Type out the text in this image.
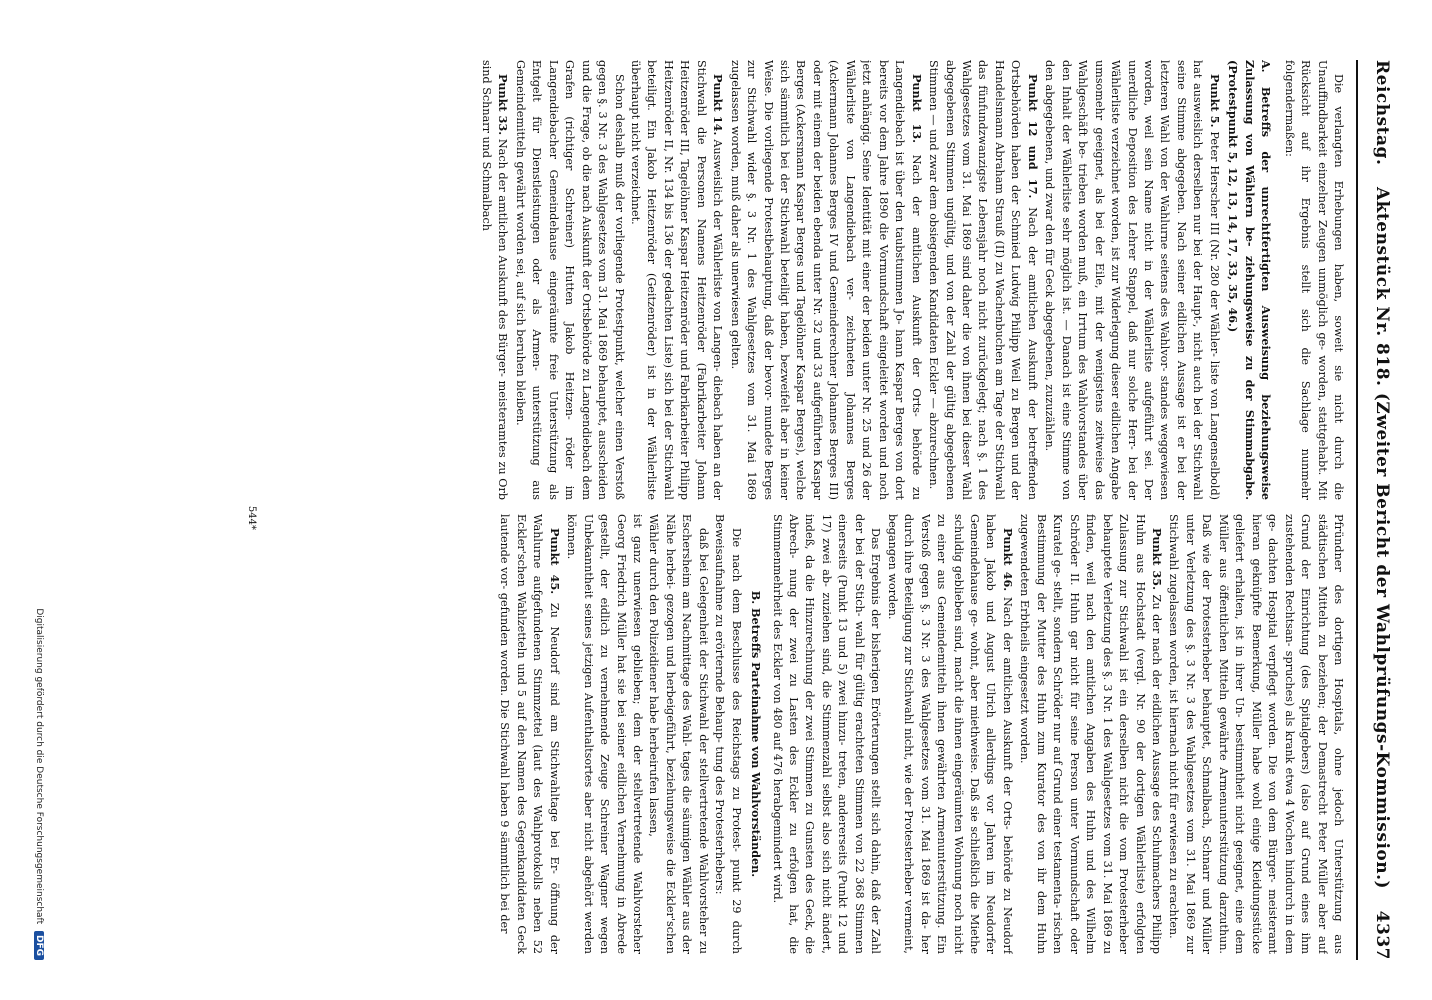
Reichstag.
Aktenstück Nr. 818. (Zweiter Bericht der Wahlprüfungs-Kommission.)
4337

Die verlangten Erhebungen haben, soweit sie nicht durch die Unauffindbarkeit einzelner Zeugen unmöglich ge- worden, stattgehabt. Mit Rücksicht auf ihr Ergebnis stellt sich die Sachlage nunmehr folgendermaßen:

A. Betreffs der unrechtfertigten Ausweisung beziehungsweise Zulassung von Wählern be- ziehungsweise zu der Stimmabgabe. (Protestpunkt 5, 12, 13, 14, 17, 33, 35, 46.)

Punkt 5. Peter Herscher III (Nr. 280 der Wähler- liste von Langenselbold) hat ausweislich derselben nur bei der Haupt-, nicht auch bei der Stichwahl seine Stimme abgegeben. Nach seiner eidlichen Aussage ist er bei der letzteren Wahl von der Wahlurne seitens des Wahlvor- standes weggewiesen worden, weil sein Name nicht in der Wählerliste aufgeführt sei. Der unerdliche Deposition des Lehrer Stappel, daß nur solche Herr- bei der Wählerliste verzeichnet worden, ist zur Widerlegung dieser eidlichen Angabe umsomehr geeignet, als bei der Eile, mit der wenigstens zeitweise das Wahlgeschäft be- trieben worden muß, ein Irrtum des Wahlvorstandes über den Inhalt der Wählerliste sehr möglich ist. — Danach ist eine Stimme von den abgegebenen, und zwar den für Geck abgegebenen, zuzuzählen.

Punkt 12 und 17. Nach der amtlichen Auskunft der betreffenden Ortsbehörden haben der Schmied Ludwig Philipp Weil zu Bergen und der Handelsmann Abraham Strauß (II) zu Wachenbuchen am Tage der Stichwahl das fünfundzwanzigste Lebensjahr noch nicht zurückgelegt; nach §. 1 des Wahlgesetzes vom 31. Mai 1869 sind daher die von ihnen bei dieser Wahl abgegebenen Stimmen ungültig, und von der Zahl der gültig abgegebenen Stimmen — und zwar dem obsiegenden Kandidaten Eckler — abzurechnen.

Punkt 13. Nach der amtlichen Auskunft der Orts- behörde zu Langendiebach ist über den taubstummen Jo- hann Kaspar Berges von dort bereits vor dem Jahre 1890 die Vormundschaft eingeleitet worden und noch jetzt anhängig. Seine Identität mit einer der beiden unter Nr. 25 und 26 der Wählerliste von Langendiebach ver- zeichneten Johannes Berges (Ackermann Johannes Berges IV und Gemeinderechner Johannes Berges III) oder mit einem der beiden ebenda unter Nr. 32 und 33 aufgeführten Kaspar Berges (Ackersmann Kaspar Berges und Tagelöhner Kaspar Berges), welche sich sämmtlich bei der Stichwahl beteiligt haben, bezweifelt aber in keiner Weise. Die vorliegende Protestbehauptung, daß der bevor- mundete Berges zur Stichwahl wider §. 3 Nr. 1 des Wahlgesetzes vom 31. Mai 1869 zugelassen worden, muß daher als unerwiesen gelten.

Punkt 14. Ausweislich der Wählerliste von Langen- diebach haben an der Stichwahl die Personen Namens Heitzenröder (Fabrikarbeiter Johann Heitzenröder III, Tagelöhner Kaspar Heitzenröder und Fabrikarbeiter Philipp Heitzenröder II, Nr. 134 bis 136 der gedachten Liste) sich bei der Stichwahl beteiligt. Ein Jakob Heitzenröder (Geitzenröder) ist in der Wählerliste überhaupt nicht verzeichnet.

Schon deshalb muß der vorliegende Protestpunkt, welcher einen Verstoß gegen §. 3 Nr. 3 des Wahlgesetzes vom 31. Mai 1869 behauptet, ausscheiden und die Frage, ob die nach Auskunft der Ortsbehörde zu Langendiebach dem Grafen (richtiger Schreiner) Hutten Jakob Heitzen- röder im Langendiebacher Gemeindehause eingeräumte freie Unterstützung als Entgelt für Dienstleistungen oder als Armen- unterstützung aus Gemeindemitteln gewährt worden sei, auf sich beruhen bleiben.

Punkt 33. Nach der amtlichen Auskunft des Bürger- meisteramtes zu Orb sind Schnarr und Schmalbach

Pfründner des dortigen Hospitals, ohne jedoch Unterstützung aus städtischen Mitteln zu beziehen; der Demastrecht Peter Müller aber auf Grund der Einrichtung (des Spitalgebers) (also auf Grund eines ihm zustehenden Rechtsan- spruches) als krank etwa 4 Wochen hindurch in dem ge- dachten Hospital verpflegt worden. Die von dem Bürger- meisteramt hieran geknüpfte Bemerkung, Müller habe wohl einige Kleidungsstücke geliefert erhalten, ist in ihrer Un- bestimmtheit nicht geeignet, eine dem Müller aus öffentlichen Mitteln gewährte Armenunterstützung darzuthun. Daß wie der Protesterheber behauptet, Schmalbach, Schnarr und Müller unter Verletzung des §. 3 Nr. 3 des Wahlgesetzes vom 31. Mai 1869 zur Stichwahl zugelassen worden, ist hiernach nicht für erwiesen zu erachten.

Punkt 35. Zu der nach der eidlichen Aussage des Schuhmachers Philipp Huhn aus Hochstadt (vergl. Nr. 90 der dortigen Wählerliste) erfolgten Zulassung zur Stichwahl ist ein derselben nicht die vom Protesterheber behauptete Verletzung des §. 3 Nr. 1 des Wahlgesetzes vom 31. Mai 1869 zu finden, weil nach den amtlichen Angaben des Huhn und des Wilhelm Schröder II. Huhn gar nicht für seine Person unter Vormundschaft oder Kuratel ge- stellt, sondern Schröder nur auf Grund einer testamenta- rischen Bestimmung der Mutter des Huhn zum Kurator des von ihr dem Huhn zugewendeten Erbtheils eingesetzt worden.

Punkt 46. Nach der amtlichen Auskunft der Orts- behörde zu Neudorf haben Jakob und August Ulrich allerdings vor Jahren im Neudorfer Gemeindehause ge- wohnt, aber miethweise. Daß sie schließlich die Miethe schuldig geblieben sind, macht die ihnen eingeräumten Wohnung noch nicht zu einer aus Gemeindemitteln ihnen gewährten Armenunterstützung. Ein Verstoß gegen §. 3 Nr. 3 des Wahlgesetzes vom 31. Mai 1869 ist da- her durch ihre Beteiligung zur Stichwahl nicht, wie der Protesterheber vermeint, begangen worden.

Das Ergebnis der bisherigen Erörterungen stellt sich dahin, daß der Zahl der bei der Stich- wahl für gültig erachteten Stimmen von 22 368 Stimmen einerseits (Punkt 13 und 5) zwei hinzu- treten, andererseits (Punkt 12 und 17) zwei ab- zuziehen sind, die Stimmenzahl selbst also sich nicht ändert, indeß, da die Hinzurechnung der zwei Stimmen zu Gunsten des Geck, die Abrech- nung der zwei zu Lasten des Eckler zu erfolgen hat, die Stimmenmehrheit des Eckler von 480 auf 476 herabgemindert wird.

B. Betreffs Parteinahme von Wahlvorständen.

Die nach dem Beschlusse des Reichstags zu Protest- punkt 29 durch Beweisaufnahme zu erörternde Behaup- tung des Protesterhebers:

daß bei Gelegenheit der Stichwahl der stellvertretende Wahlvorsteher zu Eschersheim am Nachmittage des Wahl- tages die säumigen Wähler aus der Nähe herbei- gezogen und herbeigeführt, beziehungsweise die Eckler'schen Wähler durch den Polizeidiener habe herbeirufen lassen,

ist ganz unerwiesen geblieben; dem der stellvertretende Wahlvorsteher Georg Friedrich Müller hat sie bei seiner eidlichen Vernehmung in Abrede gestellt, der eidlich zu vernehmende Zeuge Schreiner Wagner wegen Unbekanntheit seines jetzigen Aufenthaltsortes aber nicht abgehört werden können.

Punkt 45. Zu Neudorf sind am Stichwahltage bei Er- öffnung der Wahlurne aufgefundenen Stimmzettel (laut des Wahlprotokolls neben 52 Eckler'schen Wahlzetteln und 5 auf den Namen des Gegenkandidaten Geck lautende vor- gefunden worden. Die Stichwahl haben 9 sämmtlich bei der

544*
Digitalisierung gefördert durch die Deutsche Forschungsgemeinschaft DFG
